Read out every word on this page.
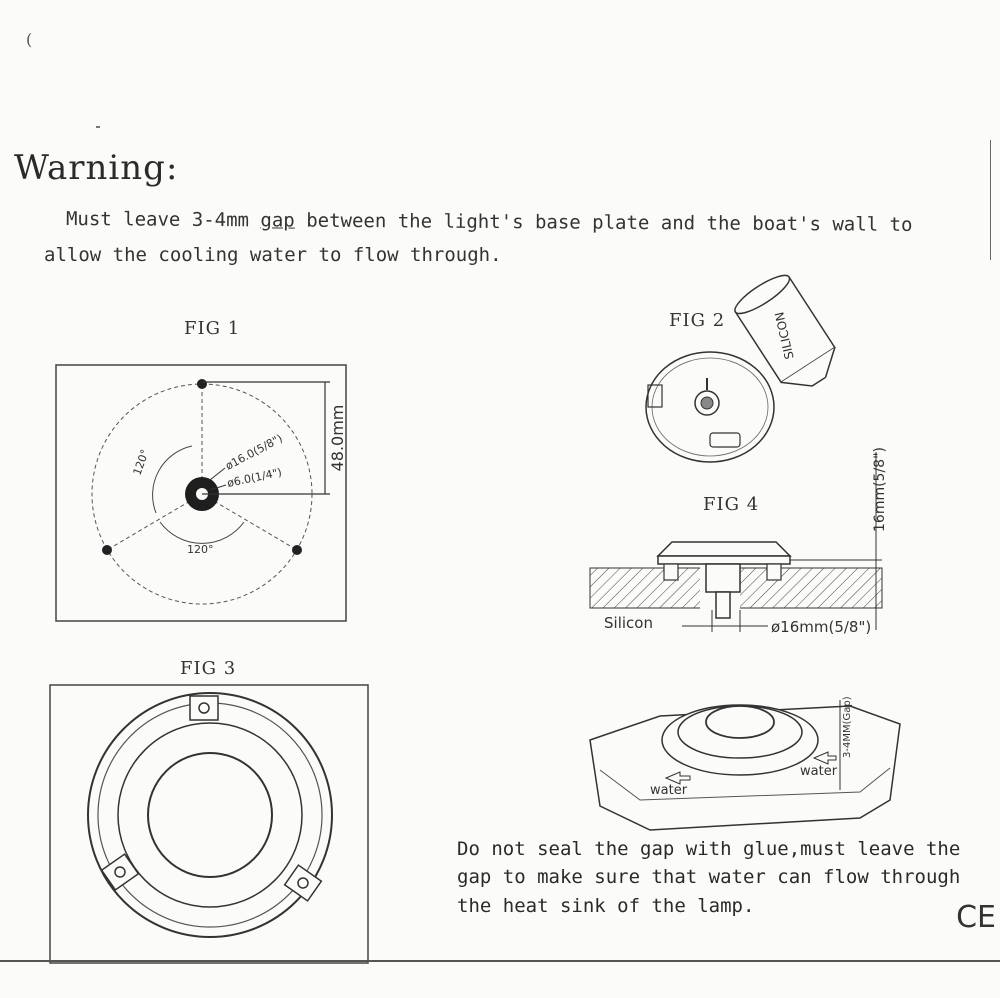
(
Warning:
Must leave 3-4mm gap between the light's base plate and the boat's wall to
allow the cooling water to flow through.
FIG 1	FIG 2
FIG 4
FIG 3
ø16.0(5/8")
ø6.0(1/4")
48.0mm
120°
120°
SILICON
Silicon	ø16mm(5/8")
16mm(5/8")
water
water
3-4MM(Gap)
Do not seal the gap with glue,must leave the
gap to make sure that water can flow through
the heat sink of the lamp.	CE
